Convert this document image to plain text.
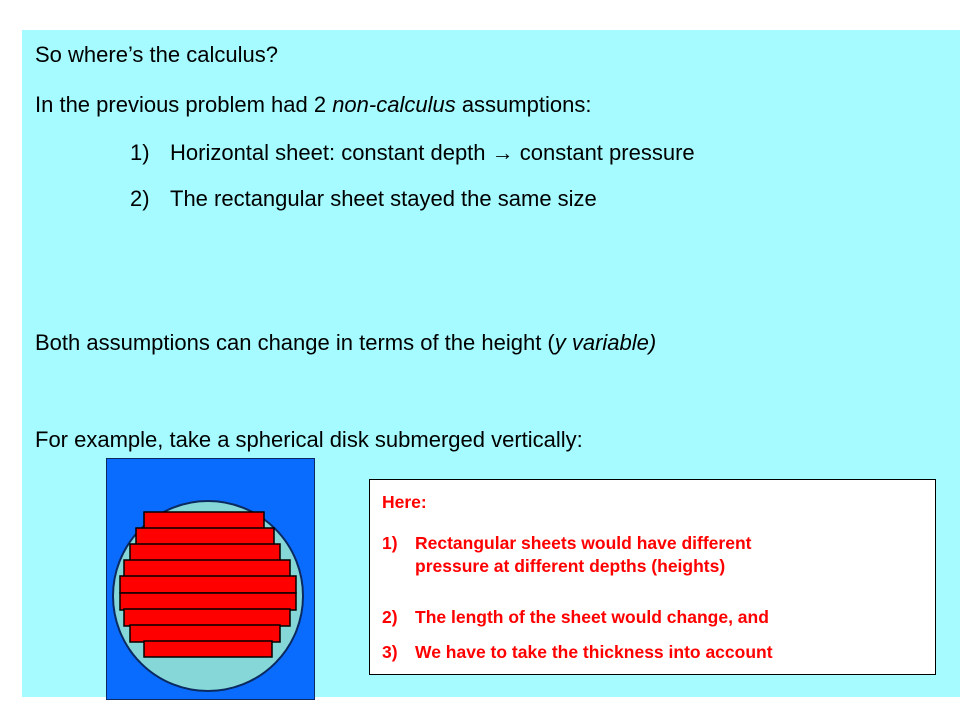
So where’s the calculus?
In the previous problem had 2 non-calculus assumptions:
1) Horizontal sheet: constant depth → constant pressure
2) The rectangular sheet stayed the same size
Both assumptions can change in terms of the height (y variable)
For example, take a spherical disk submerged vertically:
Here:
1) Rectangular sheets would have different
pressure at different depths (heights)
2) The length of the sheet would change, and
3) We have to take the thickness into account
